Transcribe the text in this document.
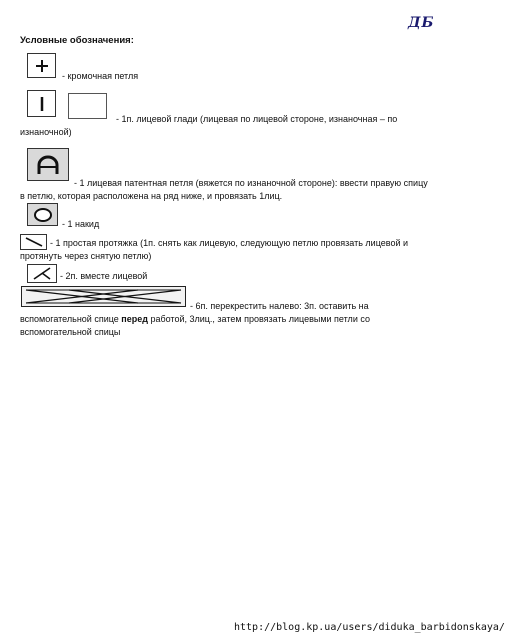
ДБ
Условные обозначения:
- кромочная петля
- 1п. лицевой глади (лицевая по лицевой стороне, изнаночная – по
изнаночной)
- 1 лицевая патентная петля (вяжется по изнаночной стороне): ввести правую спицу
в петлю, которая расположена на ряд ниже, и провязать 1лиц.
- 1 накид
- 1 простая протяжка (1п. снять как лицевую, следующую петлю провязать лицевой и
протянуть через снятую петлю)
- 2п. вместе лицевой
- 6п. перекрестить налево: 3п. оставить на
вспомогательной спице перед работой, 3лиц., затем провязать лицевыми петли со
вспомогательной спицы
http://blog.kp.ua/users/diduka_barbidonskaya/
